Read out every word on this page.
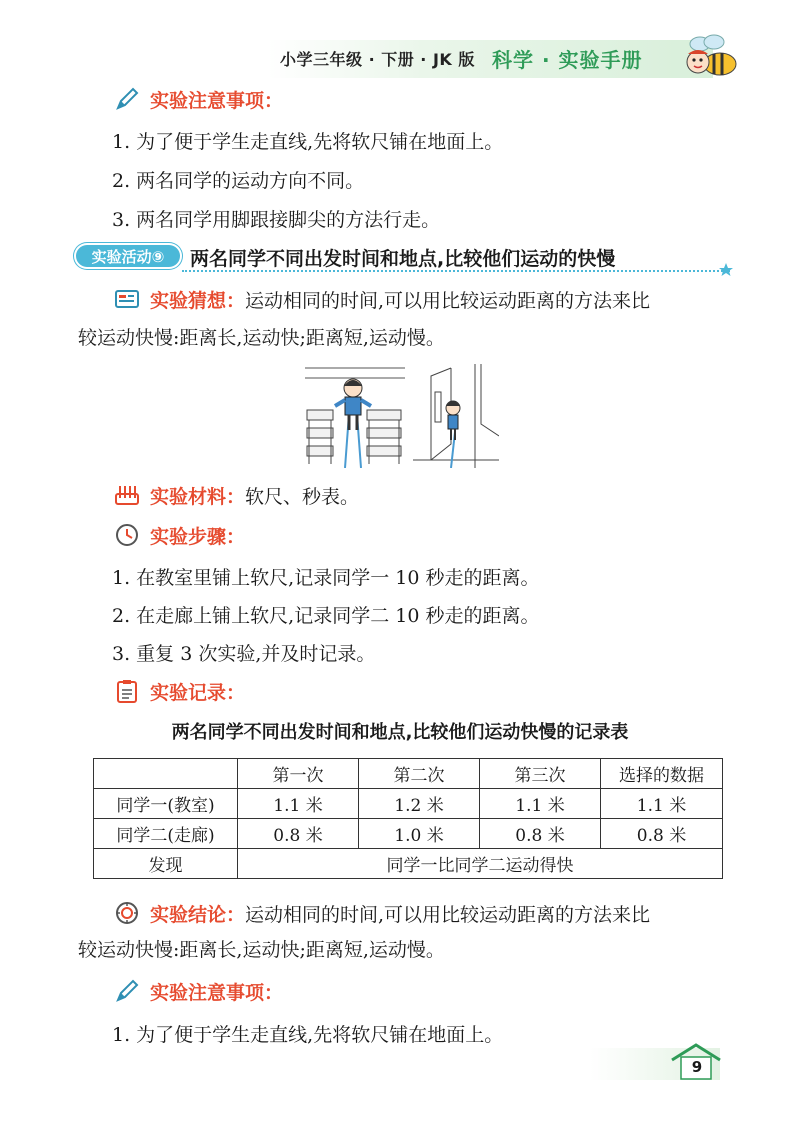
小学三年级 · 下册 · JK 版 科学 · 实验手册
实验注意事项：
1. 为了便于学生走直线,先将软尺铺在地面上。
2. 两名同学的运动方向不同。
3. 两名同学用脚跟接脚尖的方法行走。
实验活动⑨	两名同学不同出发时间和地点,比较他们运动的快慢
实验猜想： 运动相同的时间,可以用比较运动距离的方法来比
较运动快慢:距离长,运动快;距离短,运动慢。
实验材料： 软尺、秒表。
实验步骤：
1. 在教室里铺上软尺,记录同学一 10 秒走的距离。
2. 在走廊上铺上软尺,记录同学二 10 秒走的距离。
3. 重复 3 次实验,并及时记录。
实验记录：
两名同学不同出发时间和地点,比较他们运动快慢的记录表
	第一次	第二次	第三次	选择的数据
同学一(教室)	1.1 米	1.2 米	1.1 米	1.1 米
同学二(走廊)	0.8 米	1.0 米	0.8 米	0.8 米
发现	同学一比同学二运动得快			
实验结论： 运动相同的时间,可以用比较运动距离的方法来比
较运动快慢:距离长,运动快;距离短,运动慢。
实验注意事项：
1. 为了便于学生走直线,先将软尺铺在地面上。
9
